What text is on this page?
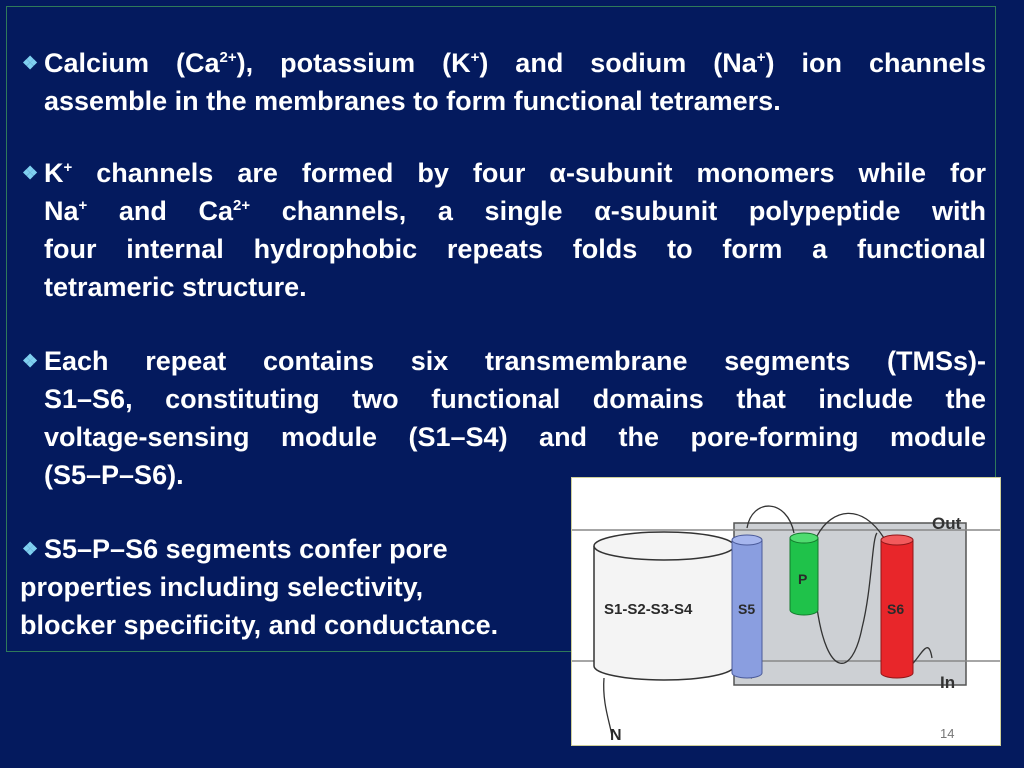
❖ Calcium $(Ca^{2+})$, potassium (K+) and sodium (Na+) ion channels
assemble in the membranes to form functional tetramers.
❖ K+ channels are formed by four α-subunit monomers while for
Na+ and $Ca^{2+}$ channels, a single α-subunit polypeptide with
four internal hydrophobic repeats folds to form a functional
tetrameric structure.
❖ Each repeat contains six transmembrane segments (TMSs)-
S1–S6, constituting two functional domains that include the
voltage-sensing module (S1–S4) and the pore-forming module
(S5–P–S6).
❖ S5–P–S6 segments confer pore
properties including selectivity,
blocker specificity, and conductance.
S1-S2-S3-S4
N
S5
P
S6
Out
In
14
